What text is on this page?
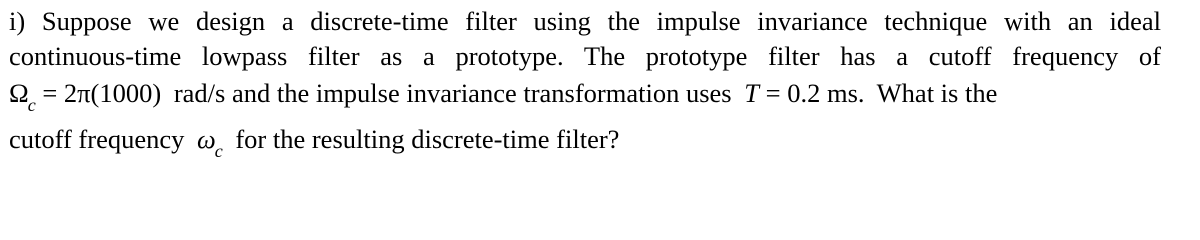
i) Suppose we design a discrete-time filter using the impulse invariance technique with an ideal
continuous-time lowpass filter as a prototype. The prototype filter has a cutoff frequency of
$\Omega_c = 2\pi(1000)$ rad/s and the impulse invariance transformation uses T = 0.2 ms. What is the
cutoff frequency $\omega_c$ for the resulting discrete-time filter?
